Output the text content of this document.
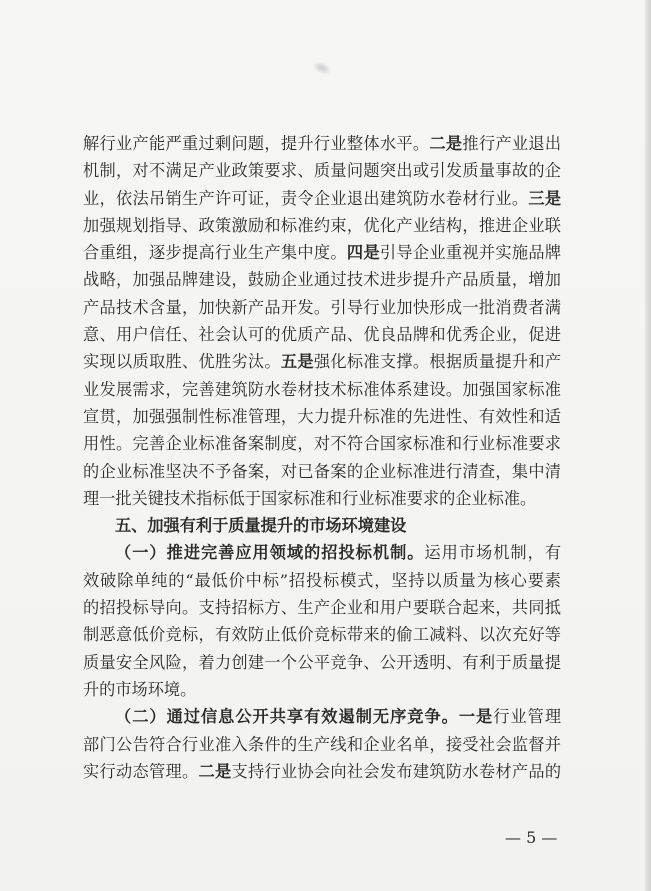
解行业产能严重过剩问题，提升行业整体水平。二是推行产业退出
机制，对不满足产业政策要求、质量问题突出或引发质量事故的企
业，依法吊销生产许可证，责令企业退出建筑防水卷材行业。三是
加强规划指导、政策激励和标准约束，优化产业结构，推进企业联
合重组，逐步提高行业生产集中度。四是引导企业重视并实施品牌
战略，加强品牌建设，鼓励企业通过技术进步提升产品质量，增加
产品技术含量，加快新产品开发。引导行业加快形成一批消费者满
意、用户信任、社会认可的优质产品、优良品牌和优秀企业，促进
实现以质取胜、优胜劣汰。五是强化标准支撑。根据质量提升和产
业发展需求，完善建筑防水卷材技术标准体系建设。加强国家标准
宣贯，加强强制性标准管理，大力提升标准的先进性、有效性和适
用性。完善企业标准备案制度，对不符合国家标准和行业标准要求
的企业标准坚决不予备案，对已备案的企业标准进行清查，集中清
理一批关键技术指标低于国家标准和行业标准要求的企业标准。
五、加强有利于质量提升的市场环境建设
（一）推进完善应用领域的招投标机制。运用市场机制，有
效破除单纯的“最低价中标”招投标模式，坚持以质量为核心要素
的招投标导向。支持招标方、生产企业和用户要联合起来，共同抵
制恶意低价竞标，有效防止低价竞标带来的偷工减料、以次充好等
质量安全风险，着力创建一个公平竞争、公开透明、有利于质量提
升的市场环境。
（二）通过信息公开共享有效遏制无序竞争。一是行业管理
部门公告符合行业准入条件的生产线和企业名单，接受社会监督并
实行动态管理。二是支持行业协会向社会发布建筑防水卷材产品的
— 5 —
